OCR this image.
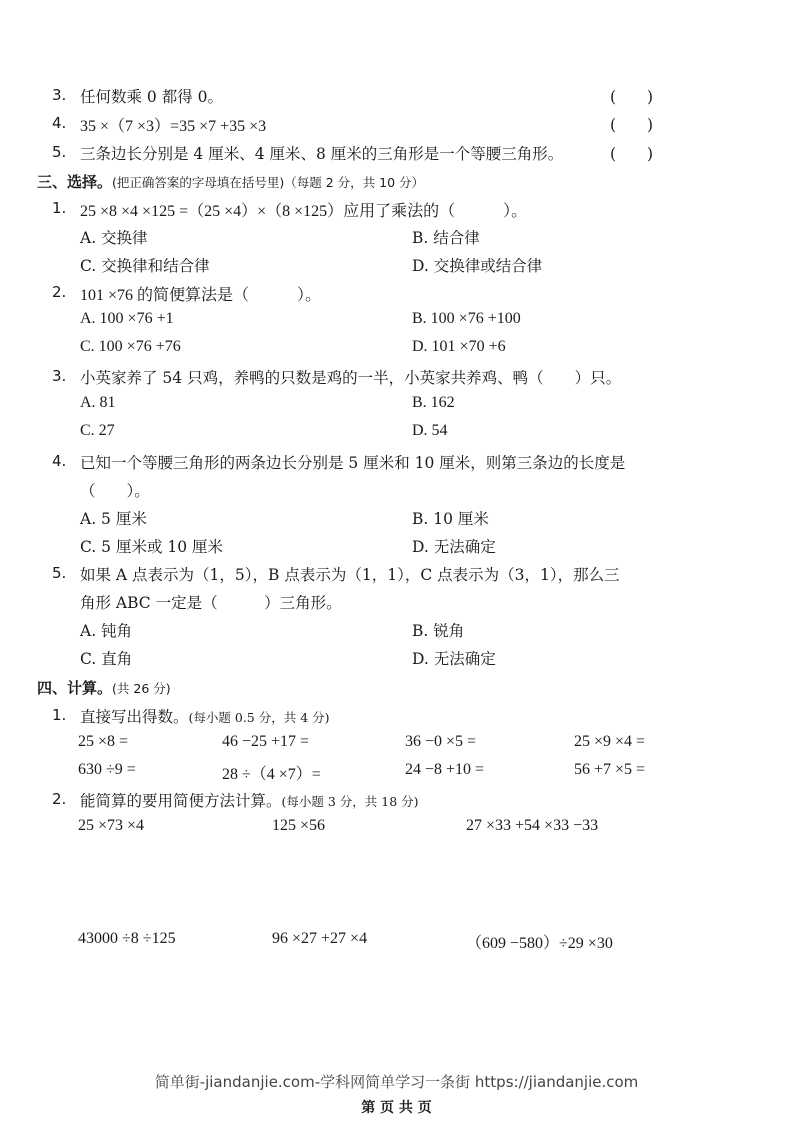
3. 任何数乘 0 都得 0。	(　　)
4. 35 ×（7 ×3）=35 ×7 +35 ×3	(　　)
5. 三条边长分别是 4 厘米、4 厘米、8 厘米的三角形是一个等腰三角形。	(　　)
三、选择。(把正确答案的字母填在括号里)（每题 2 分，共 10 分）
1. 25 ×8 ×4 ×125 =（25 ×4）×（8 ×125）应用了乘法的（　　　）。
A. 交换律	B. 结合律
C. 交换律和结合律	D. 交换律或结合律
2. 101 ×76 的简便算法是（　　　）。
A. 100 ×76 +1	B. 100 ×76 +100
C. 100 ×76 +76	D. 101 ×70 +6
3. 小英家养了 54 只鸡，养鸭的只数是鸡的一半，小英家共养鸡、鸭（　　）只。
A. 81	B. 162
C. 27	D. 54
4. 已知一个等腰三角形的两条边长分别是 5 厘米和 10 厘米，则第三条边的长度是
（　　）。
A. 5 厘米	B. 10 厘米
C. 5 厘米或 10 厘米	D. 无法确定
5. 如果 A 点表示为（1，5），B 点表示为（1，1），C 点表示为（3，1），那么三
角形 ABC 一定是（　　　）三角形。
A. 钝角	B. 锐角
C. 直角	D. 无法确定
四、计算。(共 26 分)
1. 直接写出得数。(每小题 0.5 分，共 4 分)
25 ×8 =	46 −25 +17 =	36 −0 ×5 =	25 ×9 ×4 =
630 ÷9 =	28 ÷（4 ×7）=	24 −8 +10 =	56 +7 ×5 =
2. 能简算的要用简便方法计算。(每小题 3 分，共 18 分)
25 ×73 ×4	125 ×56	27 ×33 +54 ×33 −33
43000 ÷8 ÷125	96 ×27 +27 ×4	（609 −580）÷29 ×30
简单街-jiandanjie.com-学科网简单学习一条街 https://jiandanjie.com
第 页 共 页
